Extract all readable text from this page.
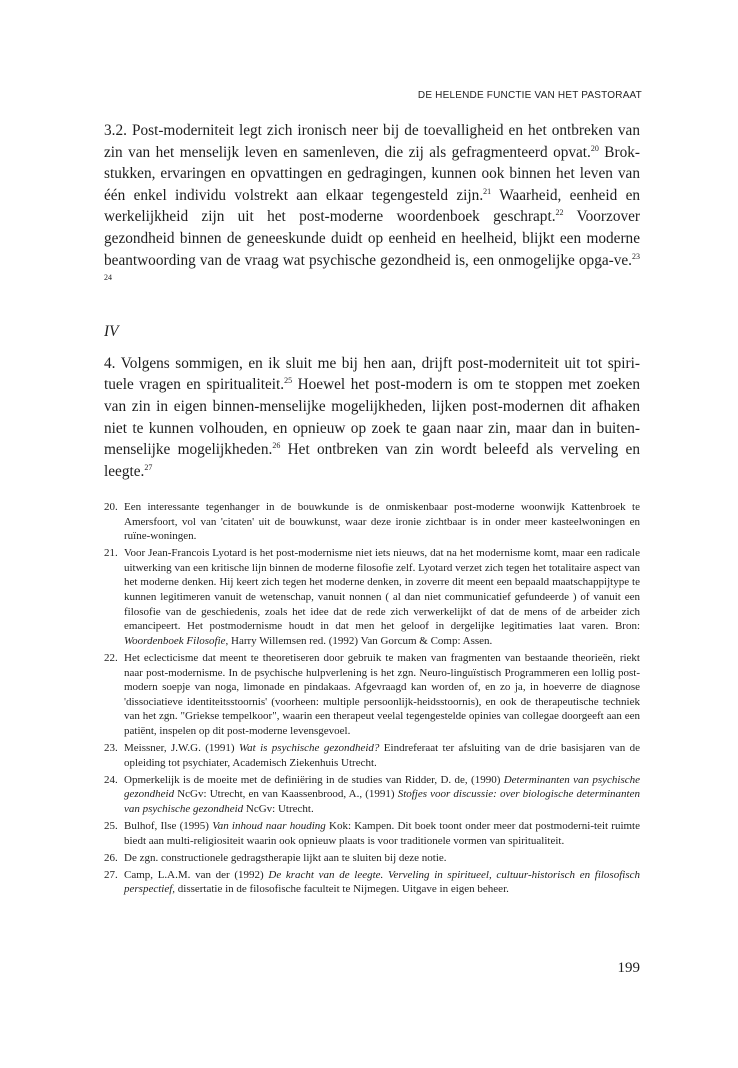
DE HELENDE FUNCTIE VAN HET PASTORAAT

3.2. Post-moderniteit legt zich ironisch neer bij de toevalligheid en het ontbreken van zin van het menselijk leven en samenleven, die zij als gefragmenteerd opvat.$^{20}$ Brok-stukken, ervaringen en opvattingen en gedragingen, kunnen ook binnen het leven van één enkel individu volstrekt aan elkaar tegengesteld zijn.$^{21}$ Waarheid, eenheid en werkelijkheid zijn uit het post-moderne woordenboek geschrapt.$^{22}$ Voorzover gezondheid binnen de geneeskunde duidt op eenheid en heelheid, blijkt een moderne beantwoording van de vraag wat psychische gezondheid is, een onmogelijke opga-ve.$^{23 24}$

IV

4. Volgens sommigen, en ik sluit me bij hen aan, drijft post-moderniteit uit tot spiri-tuele vragen en spiritualiteit.$^{25}$ Hoewel het post-modern is om te stoppen met zoeken van zin in eigen binnen-menselijke mogelijkheden, lijken post-modernen dit afhaken niet te kunnen volhouden, en opnieuw op zoek te gaan naar zin, maar dan in buiten-menselijke mogelijkheden.$^{26}$ Het ontbreken van zin wordt beleefd als verveling en leegte.$^{27}$

20. Een interessante tegenhanger in de bouwkunde is de onmiskenbaar post-moderne woonwijk Kattenbroek te Amersfoort, vol van 'citaten' uit de bouwkunst, waar deze ironie zichtbaar is in onder meer kasteelwoningen en ruïne-woningen.
21. Voor Jean-Francois Lyotard is het post-modernisme niet iets nieuws, dat na het modernisme komt, maar een radicale uitwerking van een kritische lijn binnen de moderne filosofie zelf. Lyotard verzet zich tegen het totalitaire aspect van het moderne denken. Hij keert zich tegen het moderne denken, in zoverre dit meent een bepaald maatschappijtype te kunnen legitimeren vanuit de wetenschap, vanuit nonnen ( al dan niet communicatief gefundeerde ) of vanuit een filosofie van de geschiedenis, zoals het idee dat de rede zich verwerkelijkt of dat de mens of de arbeider zich emancipeert. Het postmodernisme houdt in dat men het geloof in dergelijke legitimaties laat varen. Bron: Woordenboek Filosofie, Harry Willemsen red. (1992) Van Gorcum & Comp: Assen.
22. Het eclecticisme dat meent te theoretiseren door gebruik te maken van fragmenten van bestaande theorieën, riekt naar post-modernisme. In de psychische hulpverlening is het zgn. Neuro-linguïstisch Programmeren een lollig post-modern soepje van noga, limonade en pindakaas. Afgevraagd kan worden of, en zo ja, in hoeverre de diagnose 'dissociatieve identiteitsstoornis' (voorheen: multiple persoonlijk-heidsstoornis), en ook de therapeutische techniek van het zgn. "Griekse tempelkoor", waarin een therapeut veelal tegengestelde opinies van collegae doorgeeft aan een patiënt, inspelen op dit post-moderne levensgevoel.
23. Meissner, J.W.G. (1991) Wat is psychische gezondheid? Eindreferaat ter afsluiting van de drie basisjaren van de opleiding tot psychiater, Academisch Ziekenhuis Utrecht.
24. Opmerkelijk is de moeite met de definiëring in de studies van Ridder, D. de, (1990) Determinanten van psychische gezondheid NcGv: Utrecht, en van Kaassenbrood, A., (1991) Stofjes voor discussie: over biologische determinanten van psychische gezondheid NcGv: Utrecht.
25. Bulhof, Ilse (1995) Van inhoud naar houding Kok: Kampen. Dit boek toont onder meer dat postmoderni-teit ruimte biedt aan multi-religiositeit waarin ook opnieuw plaats is voor traditionele vormen van spiritualiteit.
26. De zgn. constructionele gedragstherapie lijkt aan te sluiten bij deze notie.
27. Camp, L.A.M. van der (1992) De kracht van de leegte. Verveling in spiritueel, cultuur-historisch en filosofisch perspectief, dissertatie in de filosofische faculteit te Nijmegen. Uitgave in eigen beheer.
199
